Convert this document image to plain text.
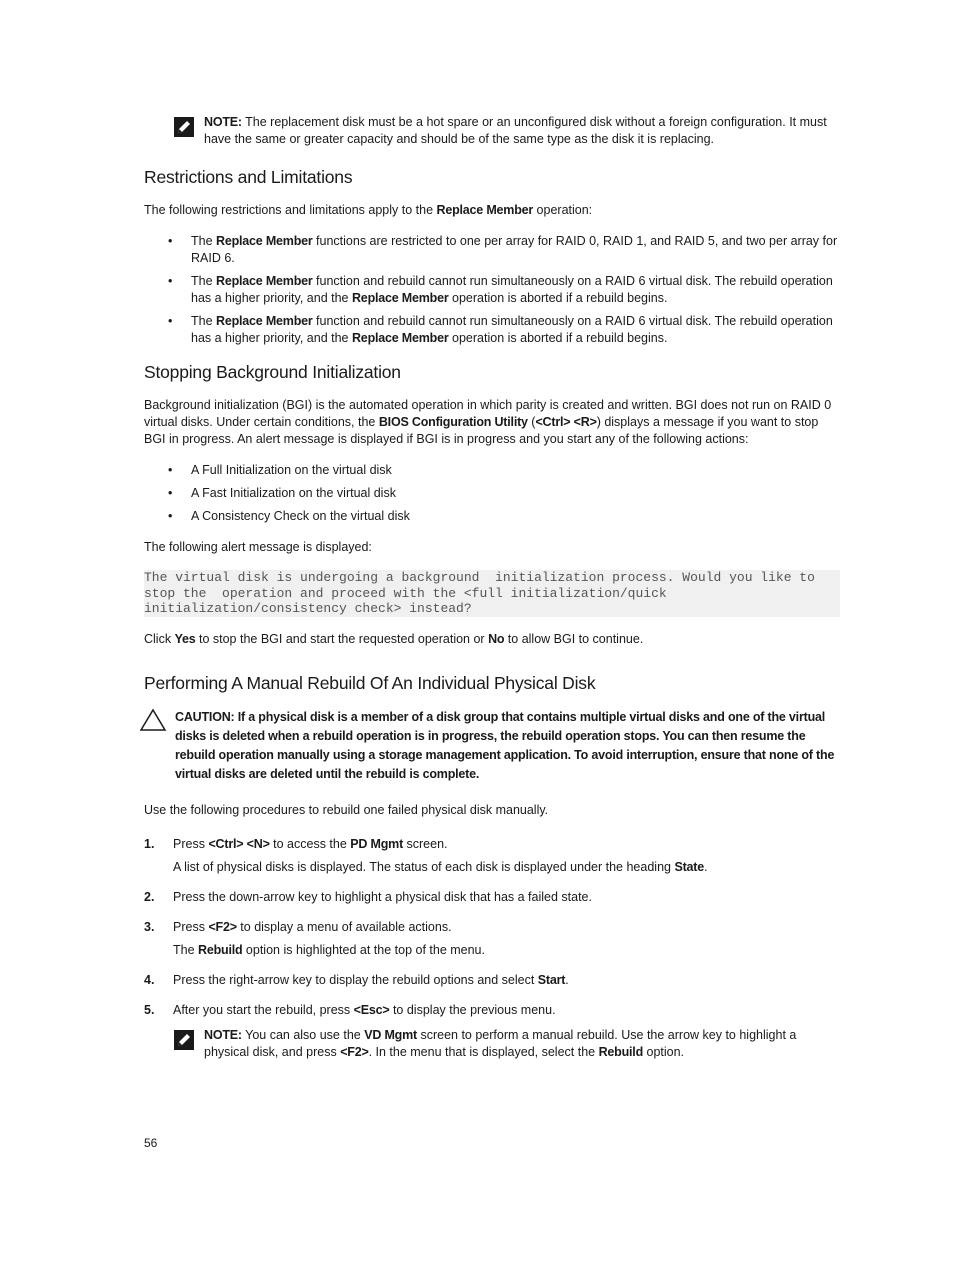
NOTE: The replacement disk must be a hot spare or an unconfigured disk without a foreign configuration. It must have the same or greater capacity and should be of the same type as the disk it is replacing.
Restrictions and Limitations

The following restrictions and limitations apply to the Replace Member operation:

• The Replace Member functions are restricted to one per array for RAID 0, RAID 1, and RAID 5, and two per array for RAID 6.
• The Replace Member function and rebuild cannot run simultaneously on a RAID 6 virtual disk. The rebuild operation has a higher priority, and the Replace Member operation is aborted if a rebuild begins.
• The Replace Member function and rebuild cannot run simultaneously on a RAID 6 virtual disk. The rebuild operation has a higher priority, and the Replace Member operation is aborted if a rebuild begins.
Stopping Background Initialization

Background initialization (BGI) is the automated operation in which parity is created and written. BGI does not run on RAID 0 virtual disks. Under certain conditions, the BIOS Configuration Utility (<Ctrl> <R>) displays a message if you want to stop BGI in progress. An alert message is displayed if BGI is in progress and you start any of the following actions:

• A Full Initialization on the virtual disk
• A Fast Initialization on the virtual disk
• A Consistency Check on the virtual disk

The following alert message is displayed:

The virtual disk is undergoing a background  initialization process. Would you like to stop the  operation and proceed with the <full initialization/quick initialization/consistency check> instead?

Click Yes to stop the BGI and start the requested operation or No to allow BGI to continue.

Performing A Manual Rebuild Of An Individual Physical Disk
CAUTION: If a physical disk is a member of a disk group that contains multiple virtual disks and one of the virtual disks is deleted when a rebuild operation is in progress, the rebuild operation stops. You can then resume the rebuild operation manually using a storage management application. To avoid interruption, ensure that none of the virtual disks are deleted until the rebuild is complete.

Use the following procedures to rebuild one failed physical disk manually.

1. Press <Ctrl> <N> to access the PD Mgmt screen.
A list of physical disks is displayed. The status of each disk is displayed under the heading State.
2. Press the down-arrow key to highlight a physical disk that has a failed state.
3. Press <F2> to display a menu of available actions.
The Rebuild option is highlighted at the top of the menu.
4. Press the right-arrow key to display the rebuild options and select Start.
5. After you start the rebuild, press <Esc> to display the previous menu.
NOTE: You can also use the VD Mgmt screen to perform a manual rebuild. Use the arrow key to highlight a physical disk, and press <F2>. In the menu that is displayed, select the Rebuild option.
56
